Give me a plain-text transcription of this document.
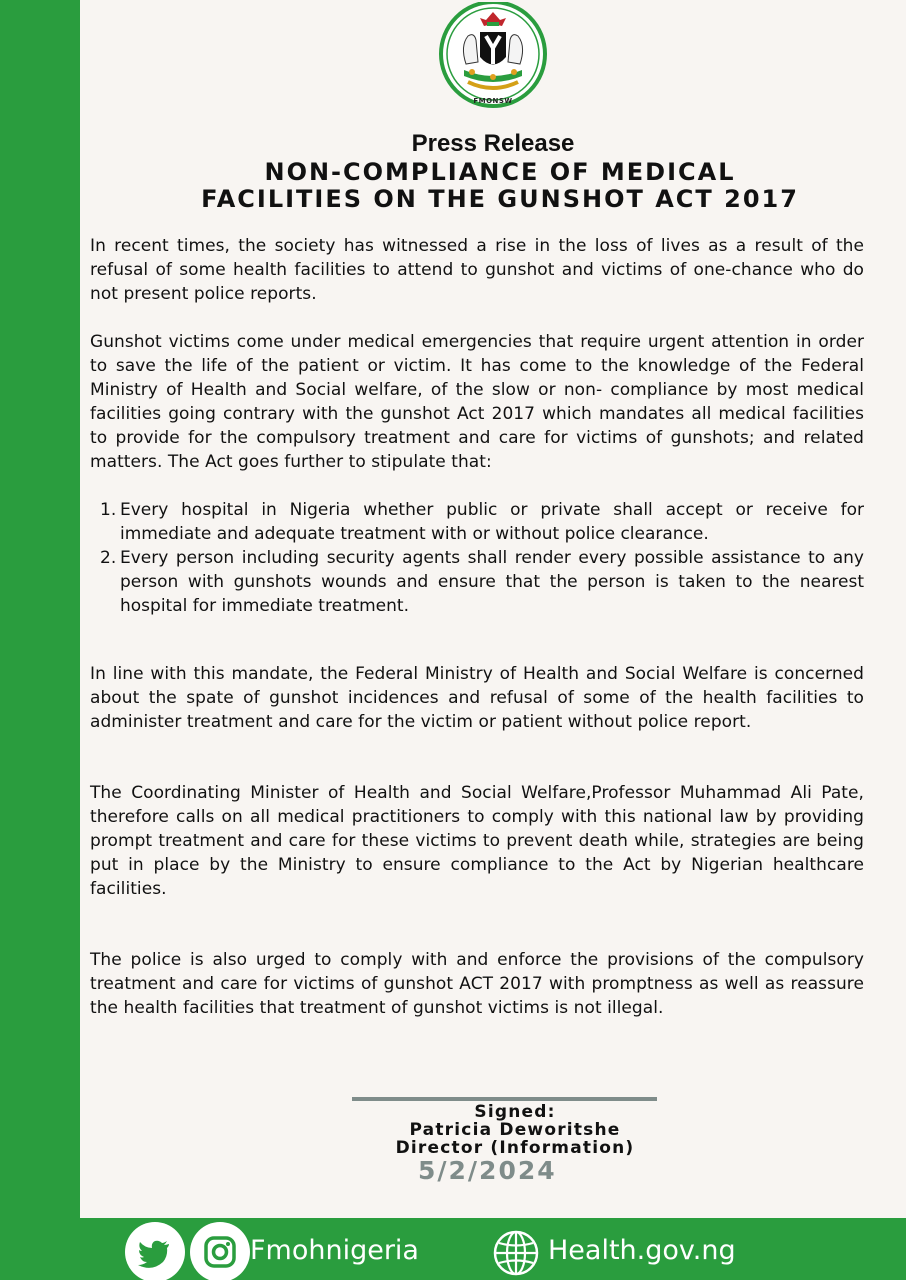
FMONSW
Press Release
NON-COMPLIANCE OF MEDICAL
FACILITIES ON THE GUNSHOT ACT 2017

In recent times, the society has witnessed a rise in the loss of lives as a result of the refusal of some health facilities to attend to gunshot and victims of one-chance who do not present police reports.

Gunshot victims come under medical emergencies that require urgent attention in order to save the life of the patient or victim. It has come to the knowledge of the Federal Ministry of Health and Social welfare, of the slow or non- compliance by most medical facilities going contrary with the gunshot Act 2017 which mandates all medical facilities to provide for the compulsory treatment and care for victims of gunshots; and related matters. The Act goes further to stipulate that:

1. Every hospital in Nigeria whether public or private shall accept or receive for immediate and adequate treatment with or without police clearance.
2. Every person including security agents shall render every possible assistance to any person with gunshots wounds and ensure that the person is taken to the nearest hospital for immediate treatment.

In line with this mandate, the Federal Ministry of Health and Social Welfare is concerned about the spate of gunshot incidences and refusal of some of the health facilities to administer treatment and care for the victim or patient without police report.

The Coordinating Minister of Health and Social Welfare,Professor Muhammad Ali Pate, therefore calls on all medical practitioners to comply with this national law by providing prompt treatment and care for these victims to prevent death while, strategies are being put in place by the Ministry to ensure compliance to the Act by Nigerian healthcare facilities.

The police is also urged to comply with and enforce the provisions of the compulsory treatment and care for victims of gunshot ACT 2017 with promptness as well as reassure the health facilities that treatment of gunshot victims is not illegal.

Signed:
Patricia Deworitshe
Director (Information)
5/2/2024
Fmohnigeria	Health.gov.ng
